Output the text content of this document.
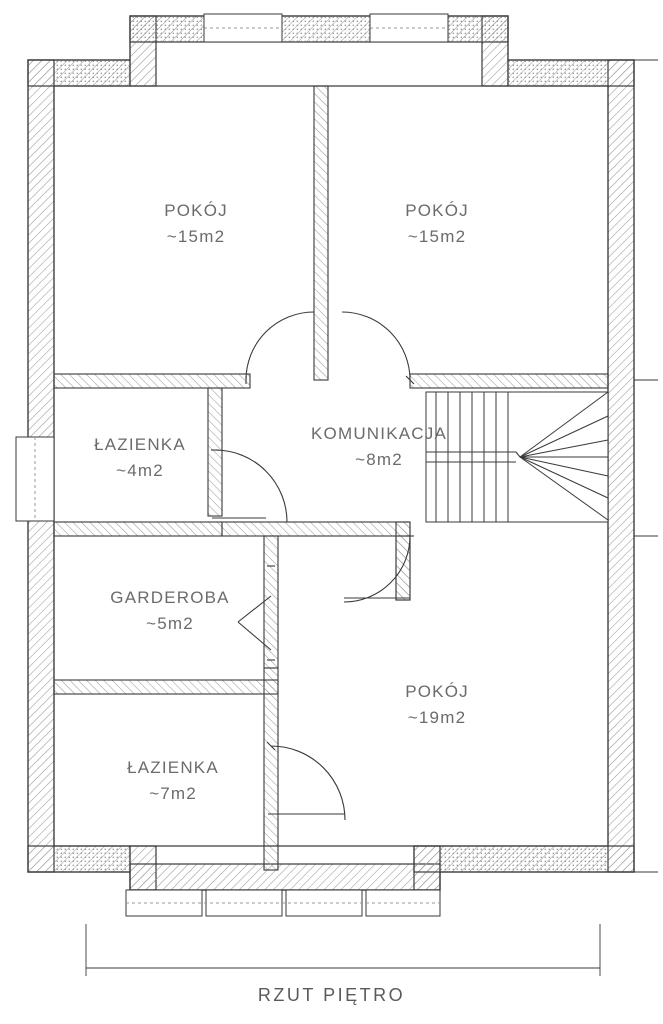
POKÓJ
~15m2
POKÓJ
~15m2
ŁAZIENKA
~4m2
KOMUNIKACJA
~8m2
GARDEROBA
~5m2
POKÓJ
~19m2
ŁAZIENKA
~7m2
RZUT PIĘTRO
